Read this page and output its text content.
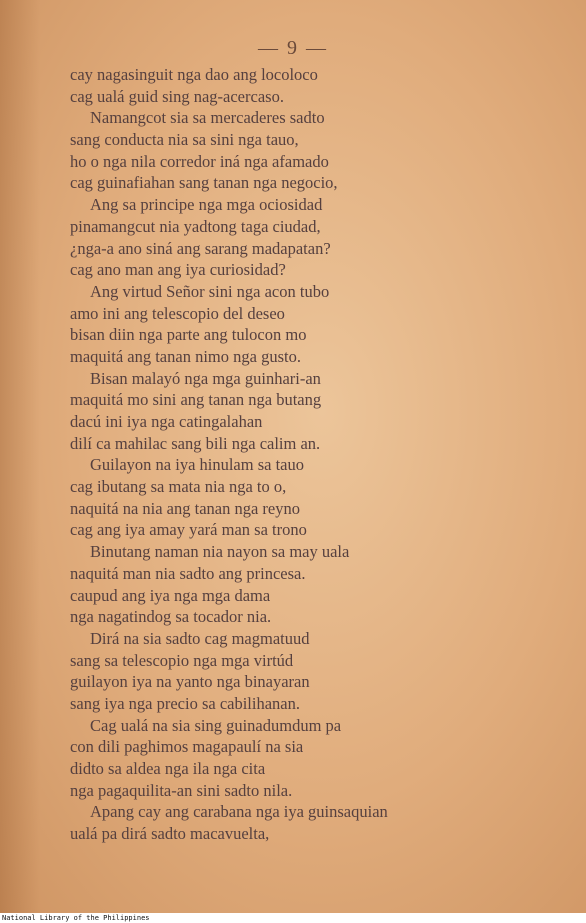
— 9 —
cay nagasinguit nga dao ang locoloco
cag ualá guid sing nag-acercaso.
Namangcot sia sa mercaderes sadto
sang conducta nia sa sini nga tauo,
ho o nga nila corredor iná nga afamado
cag guinafiahan sang tanan nga negocio,
Ang sa principe nga mga ociosidad
pinamangcut nia yadtong taga ciudad,
¿nga-a ano siná ang sarang madapatan?
cag ano man ang iya curiosidad?
Ang virtud Señor sini nga acon tubo
amo ini ang telescopio del deseo
bisan diin nga parte ang tulocon mo
maquitá ang tanan nimo nga gusto.
Bisan malayó nga mga guinhari-an
maquitá mo sini ang tanan nga butang
dacú ini iya nga catingalahan
dilí ca mahilac sang bili nga calim an.
Guilayon na iya hinulam sa tauo
cag ibutang sa mata nia nga to o,
naquitá na nia ang tanan nga reyno
cag ang iya amay yará man sa trono
Binutang naman nia nayon sa may uala
naquitá man nia sadto ang princesa.
caupud ang iya nga mga dama
nga nagatindog sa tocador nia.
Dirá na sia sadto cag magmatuud
sang sa telescopio nga mga virtúd
guilayon iya na yanto nga binayaran
sang iya nga precio sa cabilihanan.
Cag ualá na sia sing guinadumdum pa
con dili paghimos magapaulí na sia
didto sa aldea nga ila nga cita
nga pagaquilita-an sini sadto nila.
Apang cay ang carabana nga iya guinsaquian
ualá pa dirá sadto macavuelta,
National Library of the Philippines
